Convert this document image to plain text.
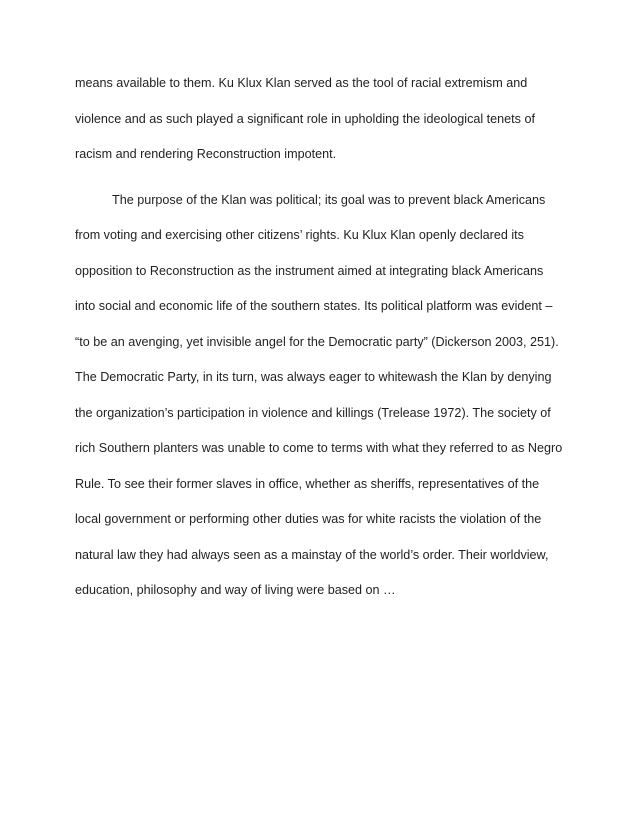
means available to them. Ku Klux Klan served as the tool of racial extremism and
violence and as such played a significant role in upholding the ideological tenets of
racism and rendering Reconstruction impotent.
The purpose of the Klan was political; its goal was to prevent black Americans
from voting and exercising other citizens’ rights. Ku Klux Klan openly declared its
opposition to Reconstruction as the instrument aimed at integrating black Americans
into social and economic life of the southern states. Its political platform was evident –
“to be an avenging, yet invisible angel for the Democratic party” (Dickerson 2003, 251).
The Democratic Party, in its turn, was always eager to whitewash the Klan by denying
the organization’s participation in violence and killings (Trelease 1972). The society of
rich Southern planters was unable to come to terms with what they referred to as Negro
Rule. To see their former slaves in office, whether as sheriffs, representatives of the
local government or performing other duties was for white racists the violation of the
natural law they had always seen as a mainstay of the world’s order. Their worldview,
education, philosophy and way of living were based on …
